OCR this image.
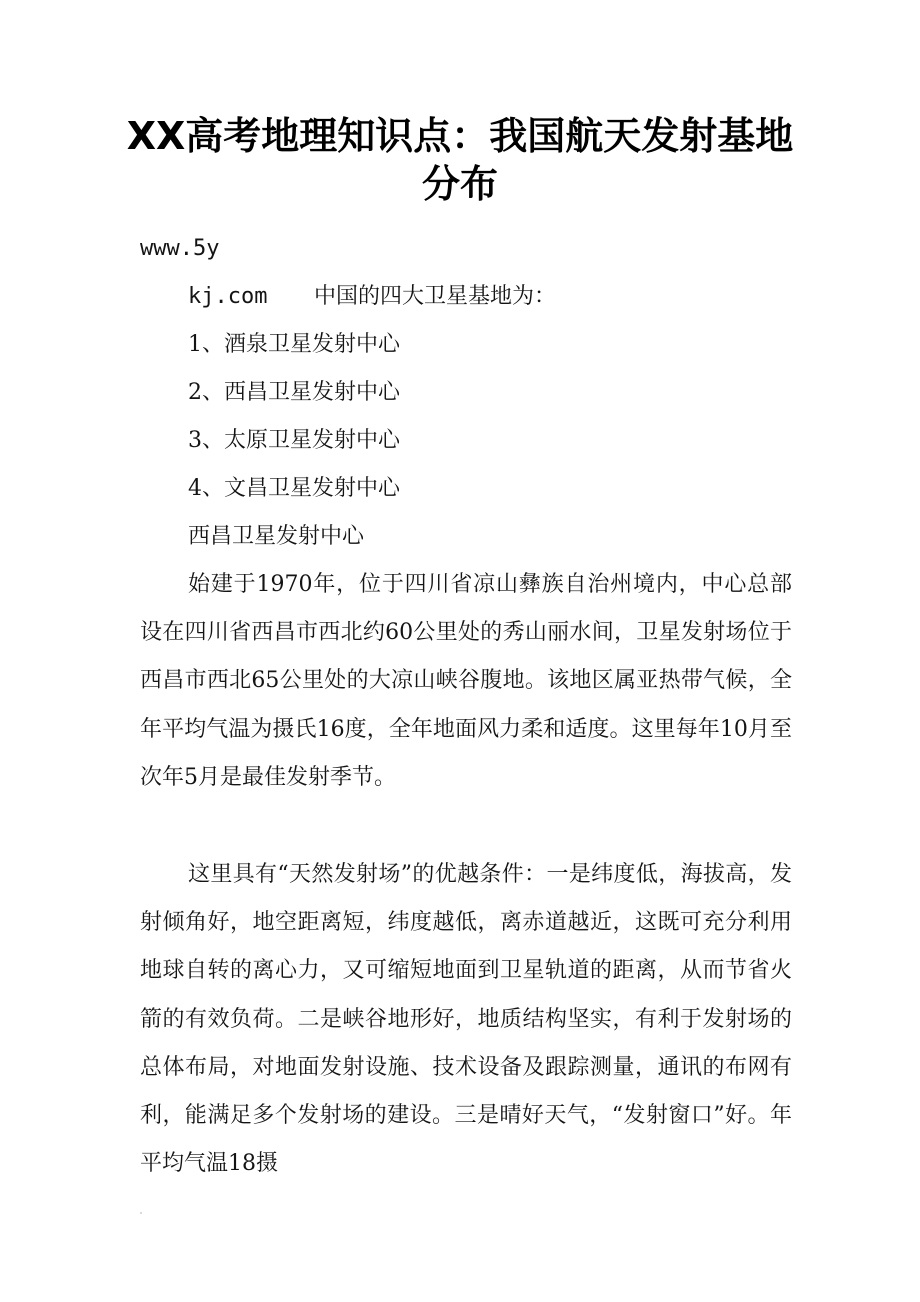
XX高考地理知识点：我国航天发射基地
分布
www.5y
kj.com 中国的四大卫星基地为：
1、酒泉卫星发射中心
2、西昌卫星发射中心
3、太原卫星发射中心
4、文昌卫星发射中心
西昌卫星发射中心

始建于1970年，位于四川省凉山彝族自治州境内，中心总部设在四川省西昌市西北约60公里处的秀山丽水间，卫星发射场位于西昌市西北65公里处的大凉山峡谷腹地。该地区属亚热带气候，全年平均气温为摄氏16度，全年地面风力柔和适度。这里每年10月至次年5月是最佳发射季节。

这里具有“天然发射场”的优越条件：一是纬度低，海拔高，发射倾角好，地空距离短，纬度越低，离赤道越近，这既可充分利用地球自转的离心力，又可缩短地面到卫星轨道的距离，从而节省火箭的有效负荷。二是峡谷地形好，地质结构坚实，有利于发射场的总体布局，对地面发射设施、技术设备及跟踪测量，通讯的布网有利，能满足多个发射场的建设。三是晴好天气，“发射窗口”好。年平均气温18摄
